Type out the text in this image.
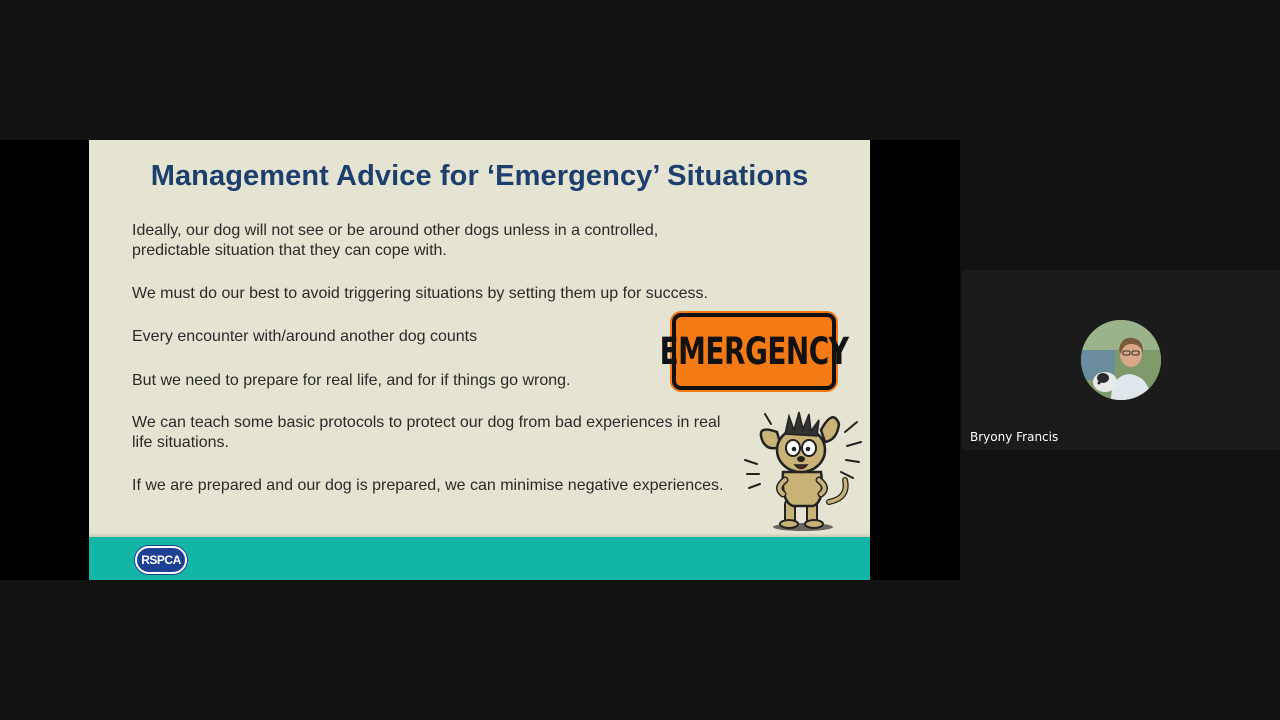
Management Advice for ‘Emergency’ Situations

Ideally, our dog will not see or be around other dogs unless in a controlled,
predictable situation that they can cope with.

We must do our best to avoid triggering situations by setting them up for success.

Every encounter with/around another dog counts

But we need to prepare for real life, and for if things go wrong.

We can teach some basic protocols to protect our dog from bad experiences in real
life situations.

If we are prepared and our dog is prepared, we can minimise negative experiences.

EMERGENCY
RSPCA
Bryony Francis
